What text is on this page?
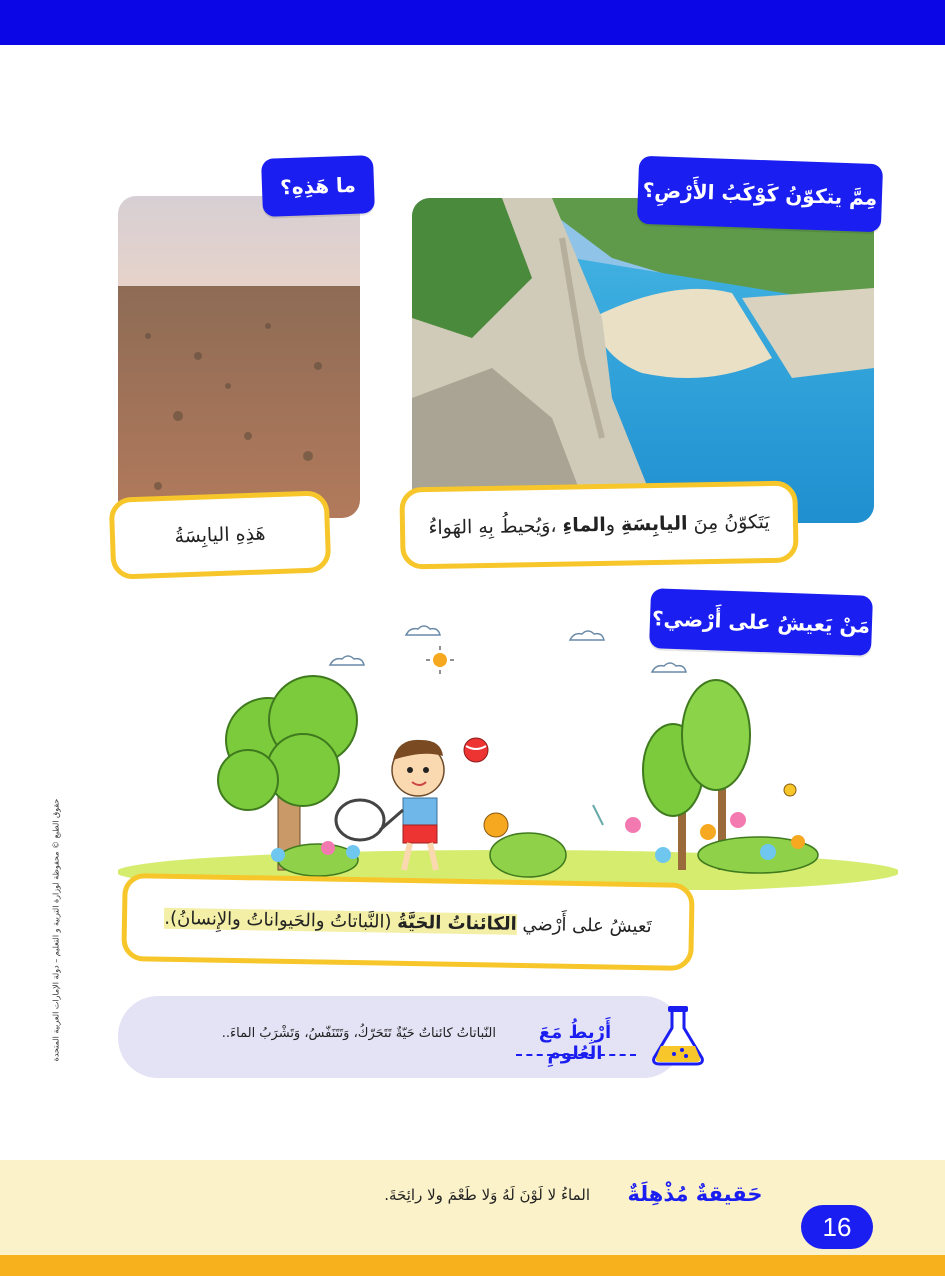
مِمَّ يتكوّنُ كَوْكَبُ الأَرْضِ؟
ما هَذِهِ؟
يَتَكوّنُ مِنَ اليابِسَةِ والماءِ ،وَيُحيطُ بِهِ الهَواءُ
هَذِهِ اليابِسَةُ
مَنْ يَعيشُ على أَرْضي؟
تَعيشُ على أَرْضي الكائناتُ الحَيَّةُ (النَّباتاتُ والحَيواناتُ والإِنسانُ).
حقوق الطبع © محفوظة لوزارة التربية و التعليم – دولة الإمارات العربية المتحدة	النّباتاتُ كائناتٌ حَيّةٌ تَتَحَرّكُ، وَتَتَنَفّسُ، وَتَشْرَبُ الماءَ..	أَرْبِطُ مَعَ العُلومِ
حَقيقةٌ مُذْهِلَةٌ
الماءُ لا لَوْنَ لَهُ وَلا طَعْمَ ولا رائِحَةَ.
16
